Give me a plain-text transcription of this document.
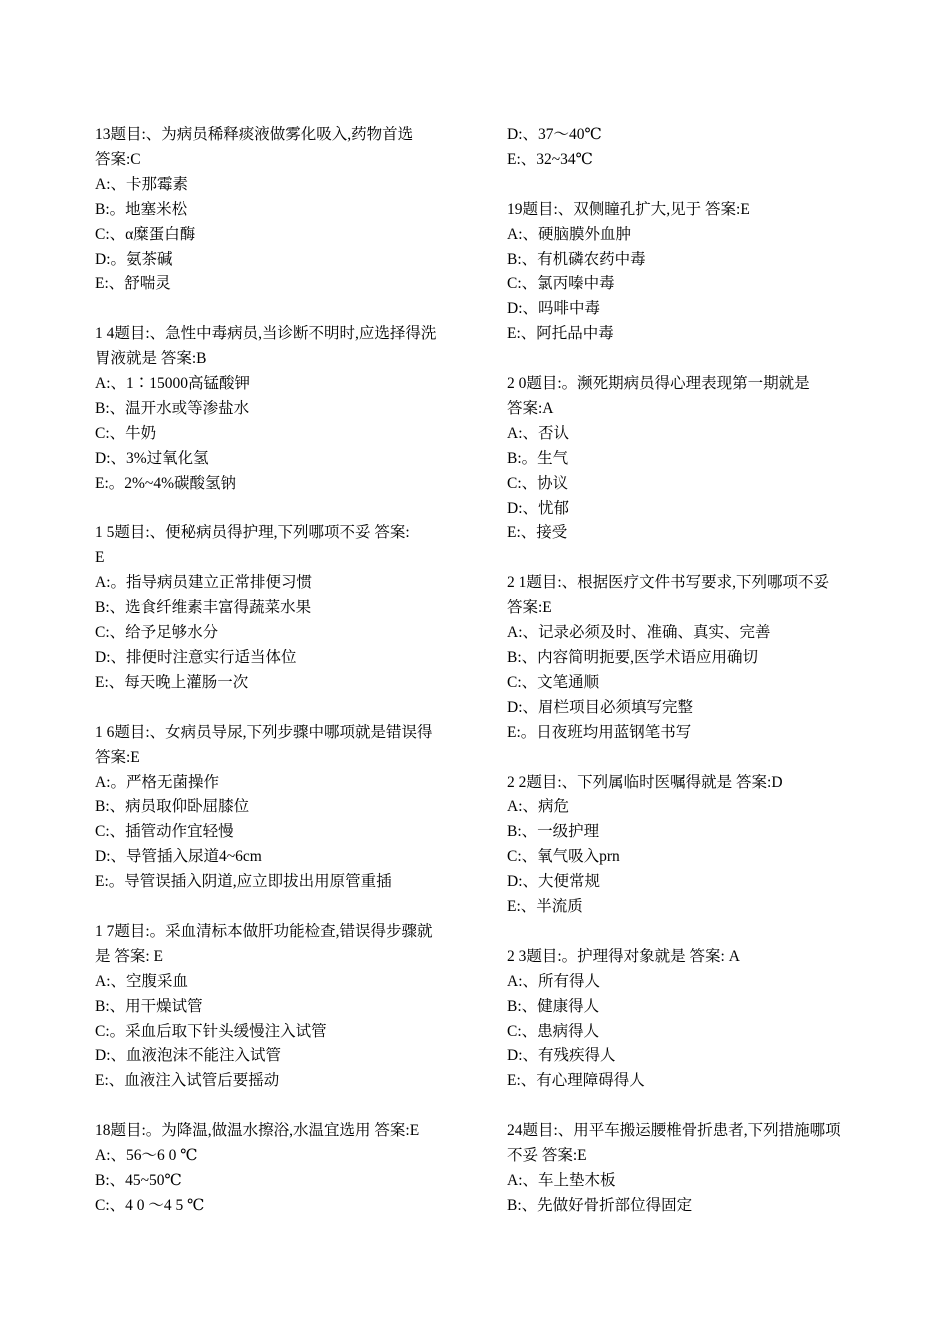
13题目:、为病员稀释痰液做雾化吸入,药物首选
答案:C
A:、卡那霉素
B:。地塞米松
C:、α糜蛋白酶
D:。氨茶碱
E:、舒喘灵
1 4题目:、急性中毒病员,当诊断不明时,应选择得洗
胃液就是 答案:B
A:、1∶15000高锰酸钾
B:、温开水或等渗盐水
C:、牛奶
D:、3%过氧化氢
E:。2%~4%碳酸氢钠
1 5题目:、便秘病员得护理,下列哪项不妥 答案:
E
A:。指导病员建立正常排便习惯
B:、选食纤维素丰富得蔬菜水果
C:、给予足够水分
D:、排便时注意实行适当体位
E:、每天晚上灌肠一次
1 6题目:、女病员导尿,下列步骤中哪项就是错误得
答案:E
A:。严格无菌操作
B:、病员取仰卧屈膝位
C:、插管动作宜轻慢
D:、导管插入尿道4~6cm
E:。导管误插入阴道,应立即拔出用原管重插
1 7题目:。采血清标本做肝功能检查,错误得步骤就
是 答案: E
A:、空腹采血
B:、用干燥试管
C:。采血后取下针头缓慢注入试管
D:、血液泡沫不能注入试管
E:、血液注入试管后要摇动
18题目:。为降温,做温水擦浴,水温宜选用 答案:E
A:、56～6 0 ℃
B:、45~50℃
C:、4 0 ～4 5 ℃
D:、37～40℃
E:、32~34℃
19题目:、双侧瞳孔扩大,见于 答案:E
A:、硬脑膜外血肿
B:、有机磷农药中毒
C:、氯丙嗪中毒
D:、吗啡中毒
E:、阿托品中毒
2 0题目:。濒死期病员得心理表现第一期就是
答案:A
A:、否认
B:。生气
C:、协议
D:、忧郁
E:、接受
2 1题目:、根据医疗文件书写要求,下列哪项不妥
答案:E
A:、记录必须及时、准确、真实、完善
B:、内容简明扼要,医学术语应用确切
C:、文笔通顺
D:、眉栏项目必须填写完整
E:。日夜班均用蓝钢笔书写
2 2题目:、下列属临时医嘱得就是 答案:D
A:、病危
B:、一级护理
C:、氧气吸入prn
D:、大便常规
E:、半流质
2 3题目:。护理得对象就是 答案: A
A:、所有得人
B:、健康得人
C:、患病得人
D:、有残疾得人
E:、有心理障碍得人
24题目:、用平车搬运腰椎骨折患者,下列措施哪项
不妥 答案:E
A:、车上垫木板
B:、先做好骨折部位得固定
